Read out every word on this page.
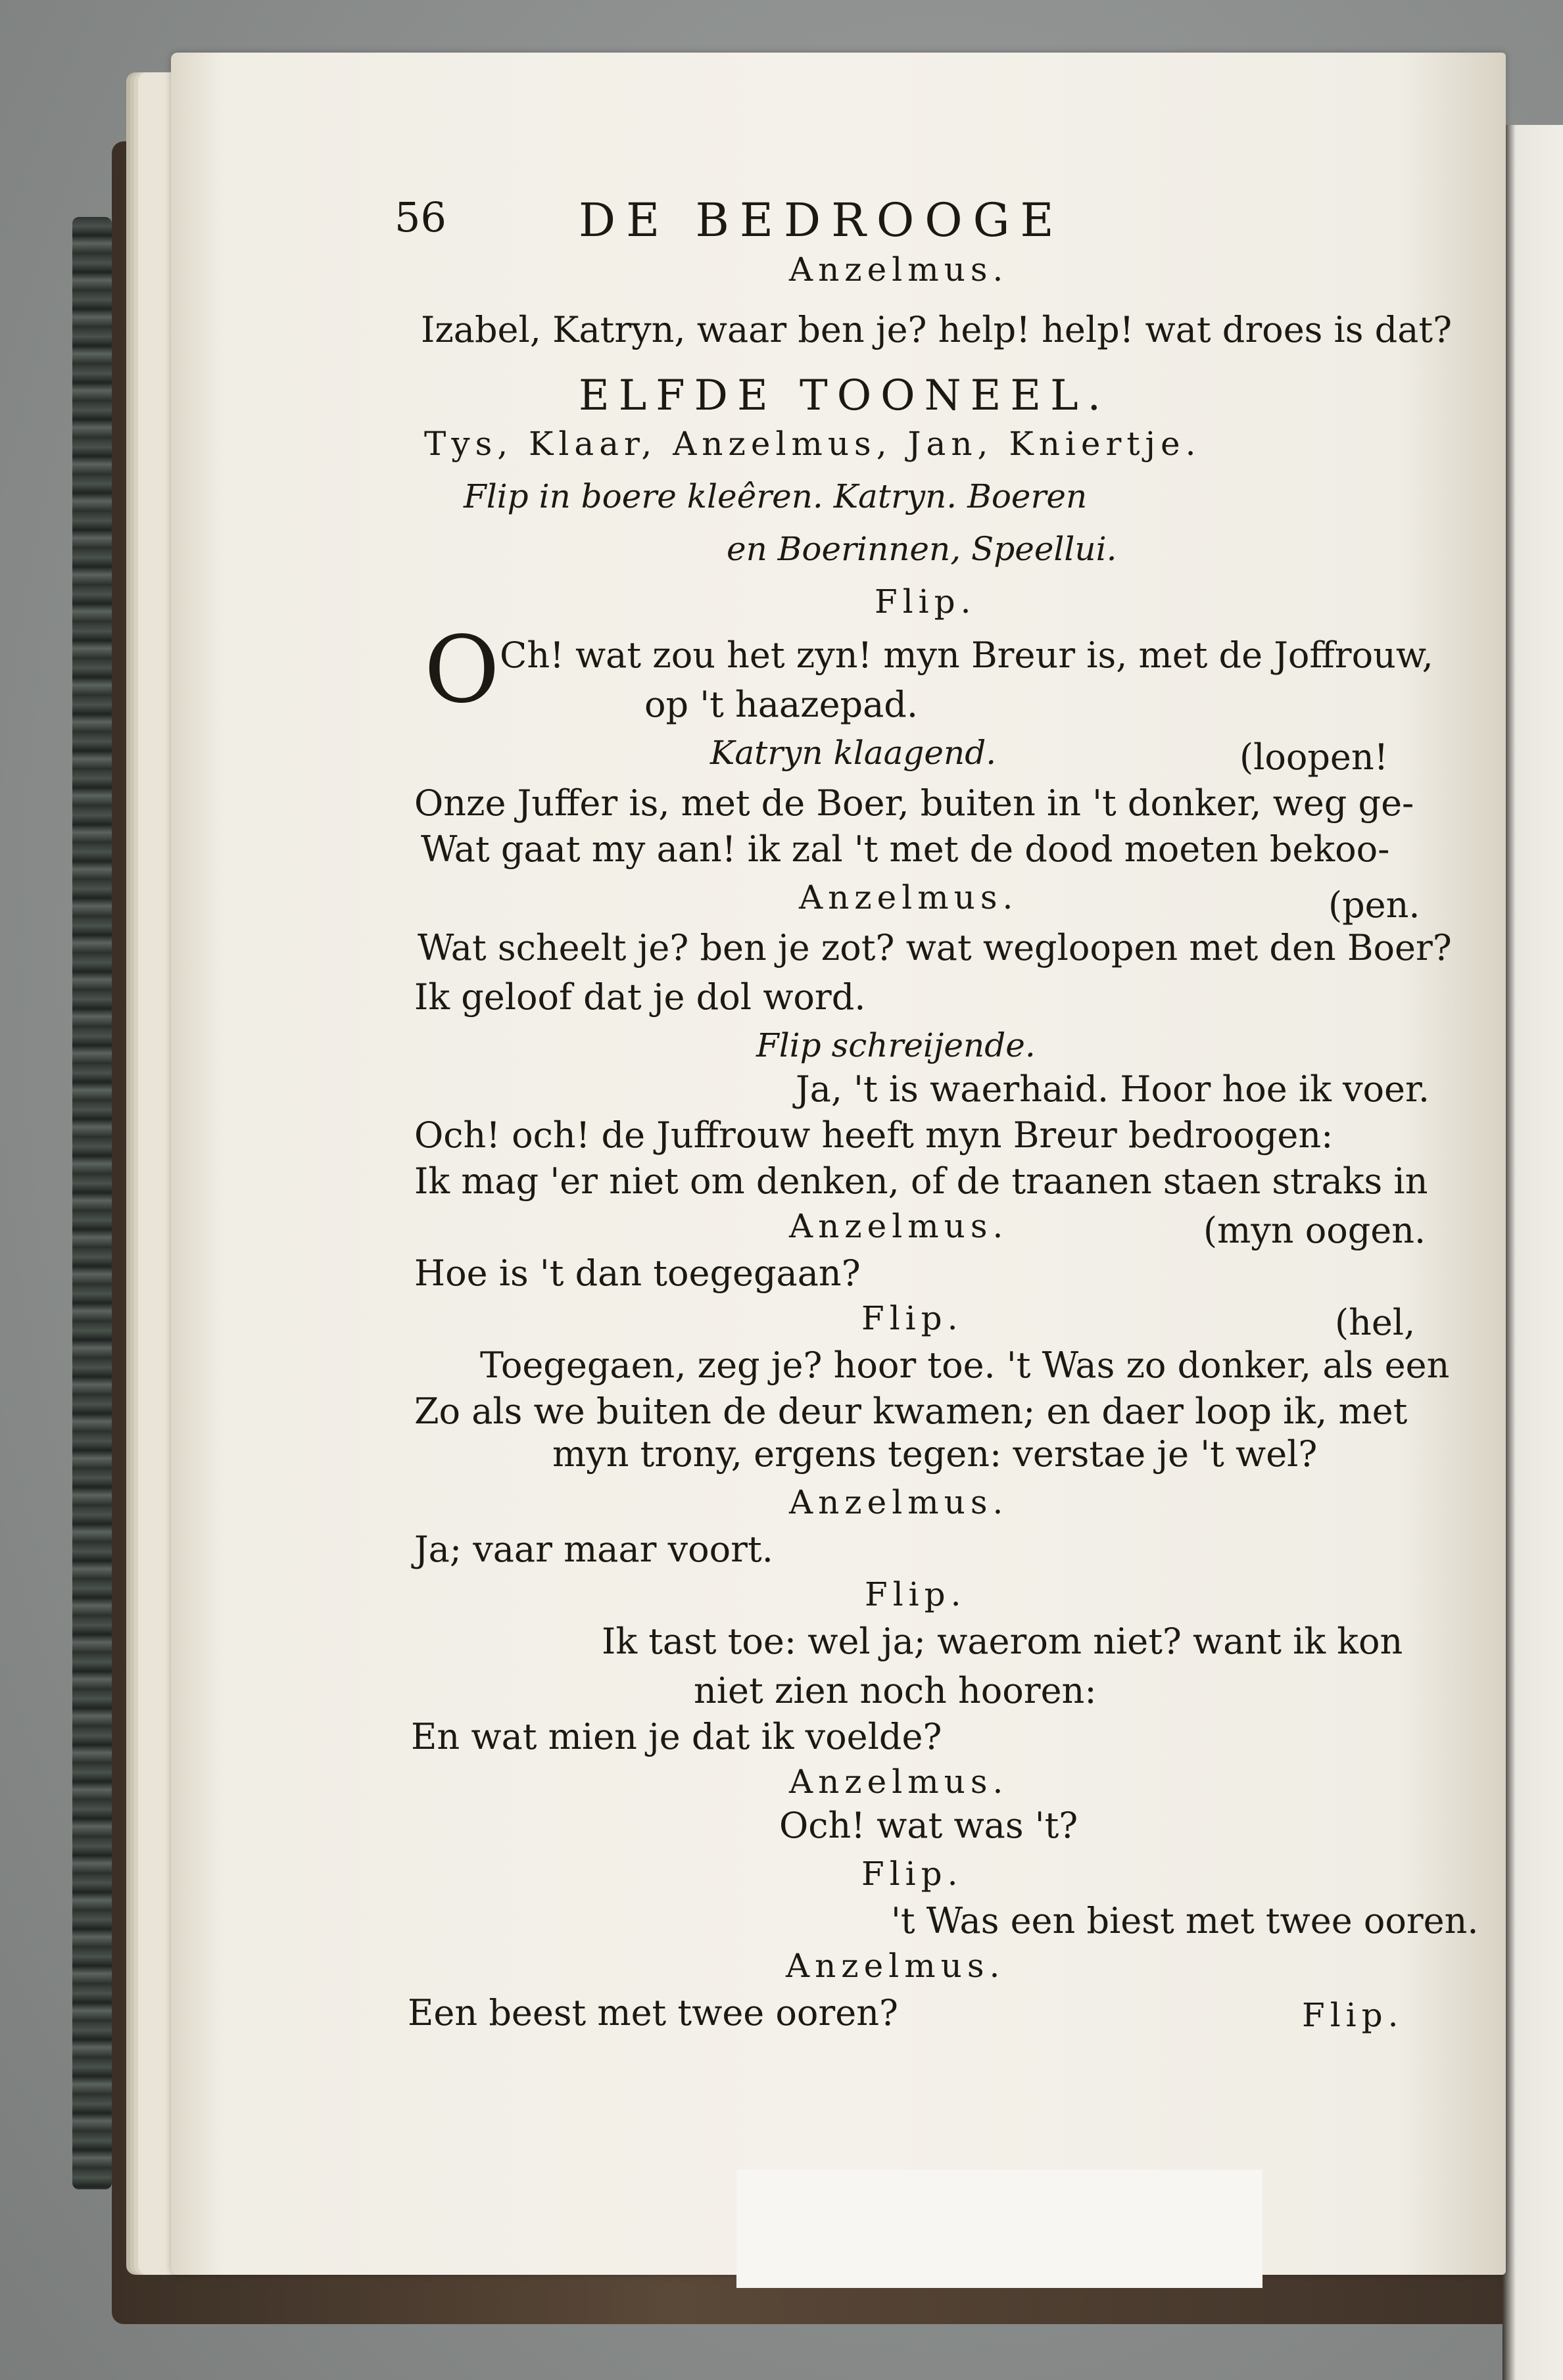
56	DE BEDROOGE
Anzelmus.
Izabel, Katryn, waar ben je? help! help! wat droes is dat?
ELFDE TOONEEL.
Tys, Klaar, Anzelmus, Jan, Kniertje.
Flip in boere kleêren. Katryn. Boeren
en Boerinnen, Speellui.
Flip.
O Ch! wat zou het zyn! myn Breur is, met de Joffrouw,
op 't haazepad.
Katryn klaagend.	(loopen!
Onze Juffer is, met de Boer, buiten in 't donker, weg ge-
Wat gaat my aan! ik zal 't met de dood moeten bekoo-
Anzelmus.	(pen.
Wat scheelt je? ben je zot? wat wegloopen met den Boer?
Ik geloof dat je dol word.
Flip schreijende.
Ja, 't is waerhaid. Hoor hoe ik voer.
Och! och! de Juffrouw heeft myn Breur bedroogen:
Ik mag 'er niet om denken, of de traanen staen straks in
Anzelmus.	(myn oogen.
Hoe is 't dan toegegaan?
Flip.	(hel,
Toegegaen, zeg je? hoor toe. 't Was zo donker, als een
Zo als we buiten de deur kwamen; en daer loop ik, met
myn trony, ergens tegen: verstae je 't wel?
Anzelmus.
Ja; vaar maar voort.
Flip.
Ik tast toe: wel ja; waerom niet? want ik kon
niet zien noch hooren:
En wat mien je dat ik voelde?
Anzelmus.
Och! wat was 't?
Flip.
't Was een biest met twee ooren.
Anzelmus.
Een beest met twee ooren?	Flip.
